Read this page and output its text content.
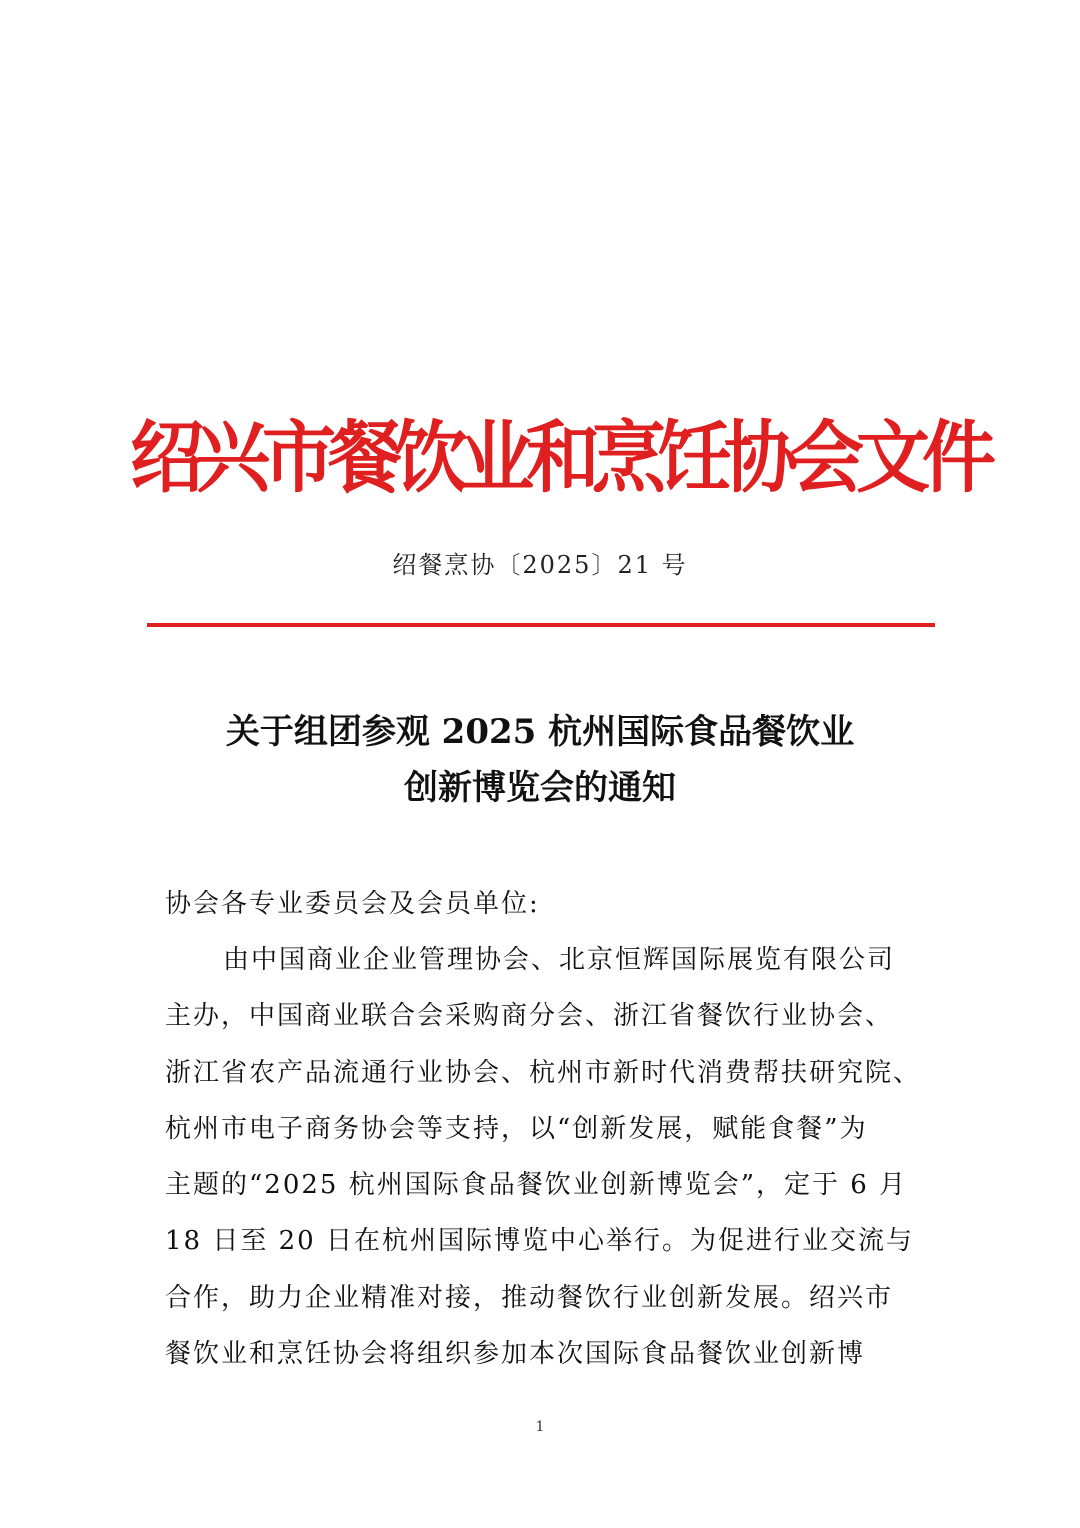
绍兴市餐饮业和烹饪协会文件
绍餐烹协〔2025〕21 号
关于组团参观 2025 杭州国际食品餐饮业
创新博览会的通知
协会各专业委员会及会员单位:
由中国商业企业管理协会、北京恒辉国际展览有限公司
主办，中国商业联合会采购商分会、浙江省餐饮行业协会、
浙江省农产品流通行业协会、杭州市新时代消费帮扶研究院、
杭州市电子商务协会等支持，以“创新发展，赋能食餐”为
主题的“2025 杭州国际食品餐饮业创新博览会”，定于 6 月
18 日至 20 日在杭州国际博览中心举行。为促进行业交流与
合作，助力企业精准对接，推动餐饮行业创新发展。绍兴市
餐饮业和烹饪协会将组织参加本次国际食品餐饮业创新博
1
